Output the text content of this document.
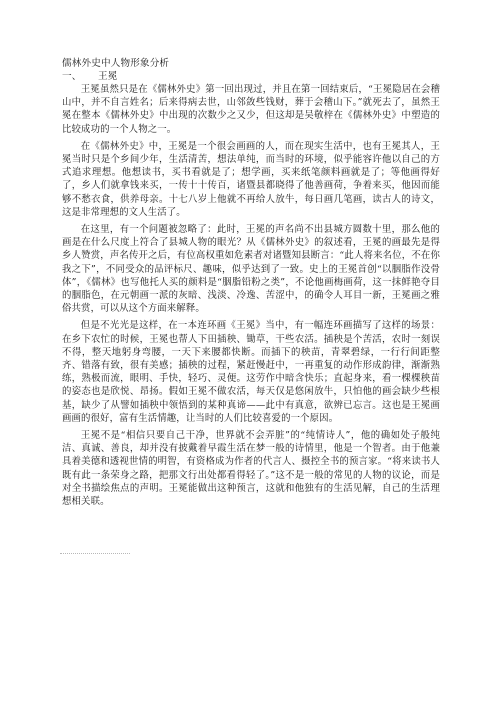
儒林外史中人物形象分析

一、 王冕

王冕虽然只是在《儒林外史》第一回出现过，并且在第一回结束后，“王冕隐居在会稽山中，并不自言姓名；后来得病去世，山邻敛些钱财，葬于会稽山下。”就死去了，虽然王冕在整本《儒林外史》中出现的次数少之又少，但这却是吴敬梓在《儒林外史》中塑造的比较成功的一个人物之一。

在《儒林外史》中，王冕是一个很会画画的人，而在现实生活中，也有王冕其人，王冕当时只是个乡间少年，生活清苦，想法单纯，而当时的环境，似乎能容许他以自己的方式追求理想。他想读书，买书看就是了；想学画，买来纸笔颜料画就是了；等他画得好了，乡人们就拿钱来买，一传十十传百，诸暨县都晓得了他善画荷，争着来买，他因而能够不愁衣食，供养母亲。十七八岁上他就不再给人放牛，每日画几笔画，读古人的诗文，这是非常理想的文人生活了。

在这里，有一个问题被忽略了：此时，王冕的声名尚不出县城方圆数十里，那么他的画是在什么尺度上符合了县城人物的眼光？从《儒林外史》的叙述看，王冕的画最先是得乡人赞赏，声名传开之后，有位高权重如危素者对诸暨知县断言：“此人将来名位，不在你我之下”，不同受众的品评标尺、趣味，似乎达到了一致。史上的王冕首创“以胭脂作没骨体”，《儒林》也写他托人买的颜料是“胭脂铅粉之类”，不论他画梅画荷，这一抹鲜艳夺目的胭脂色，在元朝画一派的灰暗、浅淡、冷逸、苦涩中，的确令人耳目一新，王冕画之雅俗共赏，可以从这个方面来解释。

但是不光光是这样，在一本连环画《王冕》当中，有一幅连环画描写了这样的场景：在乡下农忙的时候，王冕也帮人下田插秧、锄草，干些农活。插秧是个苦活，农时一刻误不得，整天地躬身弯腰，一天下来腰都快断。而插下的秧苗，青翠碧绿，一行行间距整齐、错落有致，很有美感；插秧的过程，紧赶慢赶中，一再重复的动作形成韵律，渐渐熟练，熟极而流，眼明、手快，轻巧、灵便。这劳作中暗含快乐；直起身来，看一棵棵秧苗的姿态也是欣悦、昂扬。假如王冕不做农活，每天仅是悠闲放牛，只怕他的画会缺少些根基，缺少了从譬如插秧中领悟到的某种真谛——此中有真意，欲辨已忘言。这也是王冕画画画的很好，富有生活情趣，让当时的人们比较喜爱的一个原因。

王冕不是“相信只要自己干净，世界就不会弄脏”的“纯情诗人”，他的确如处子般纯洁、真诚、善良，却并没有披戴着早霞生活在梦一般的诗情里，他是一个智者。由于他兼具着美德和透视世情的明智，有资格成为作者的代言人、摄控全书的预言家。“将来读书人既有此一条荣身之路，把那文行出处都看得轻了。”这不是一般的常见的人物的议论，而是对全书描绘焦点的声明。王冕能做出这种预言，这就和他独有的生活见解，自己的生活理想相关联。
